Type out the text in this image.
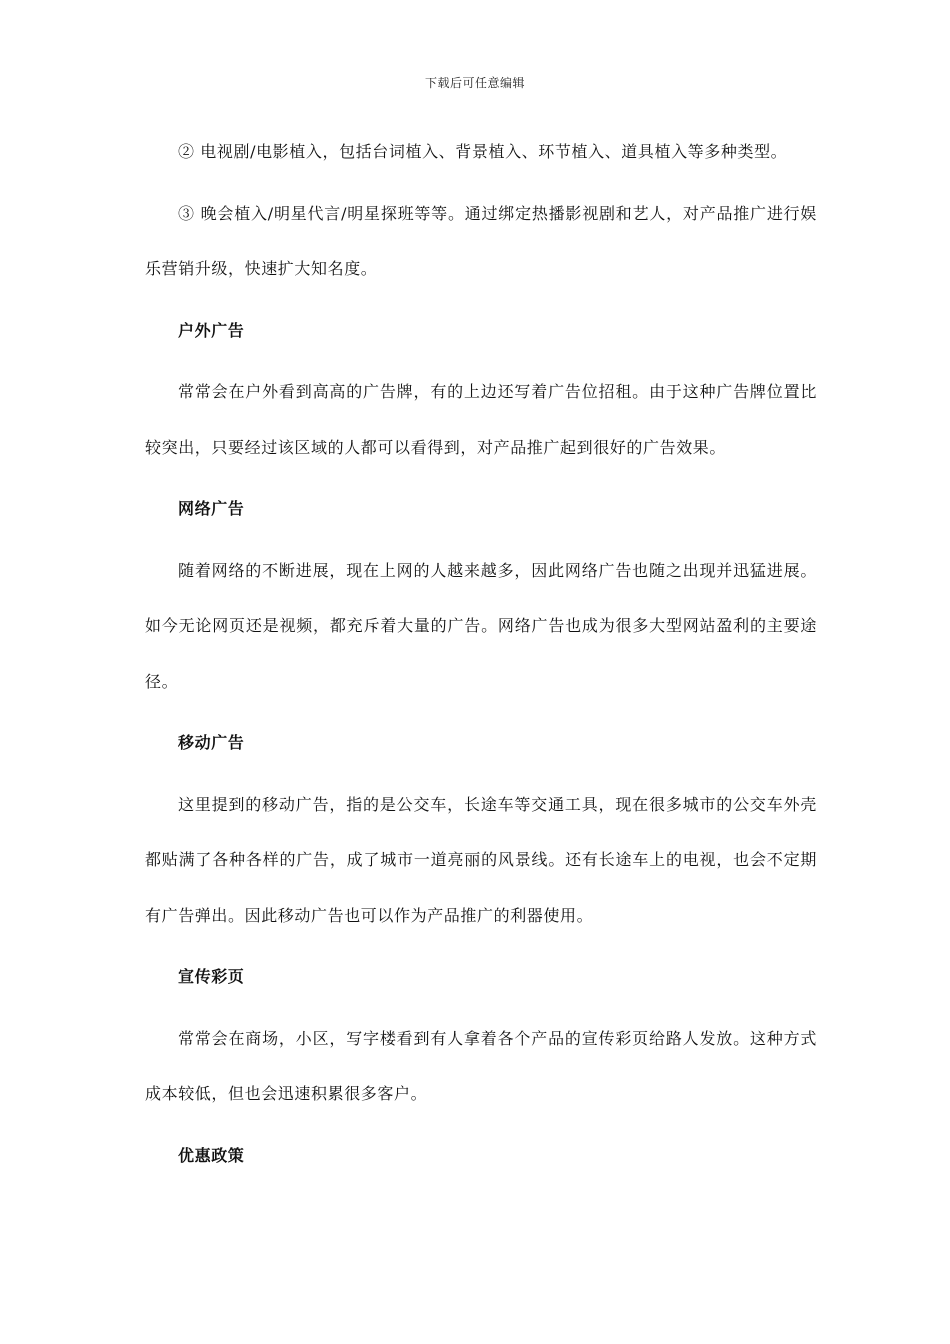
下载后可任意编辑

② 电视剧/电影植入，包括台词植入、背景植入、环节植入、道具植入等多种类型。

③ 晚会植入/明星代言/明星探班等等。通过绑定热播影视剧和艺人，对产品推广进行娱乐营销升级，快速扩大知名度。

户外广告

常常会在户外看到高高的广告牌，有的上边还写着广告位招租。由于这种广告牌位置比较突出，只要经过该区域的人都可以看得到，对产品推广起到很好的广告效果。

网络广告

随着网络的不断进展，现在上网的人越来越多，因此网络广告也随之出现并迅猛进展。如今无论网页还是视频，都充斥着大量的广告。网络广告也成为很多大型网站盈利的主要途径。

移动广告

这里提到的移动广告，指的是公交车，长途车等交通工具，现在很多城市的公交车外壳都贴满了各种各样的广告，成了城市一道亮丽的风景线。还有长途车上的电视，也会不定期有广告弹出。因此移动广告也可以作为产品推广的利器使用。

宣传彩页

常常会在商场，小区，写字楼看到有人拿着各个产品的宣传彩页给路人发放。这种方式成本较低，但也会迅速积累很多客户。

优惠政策
